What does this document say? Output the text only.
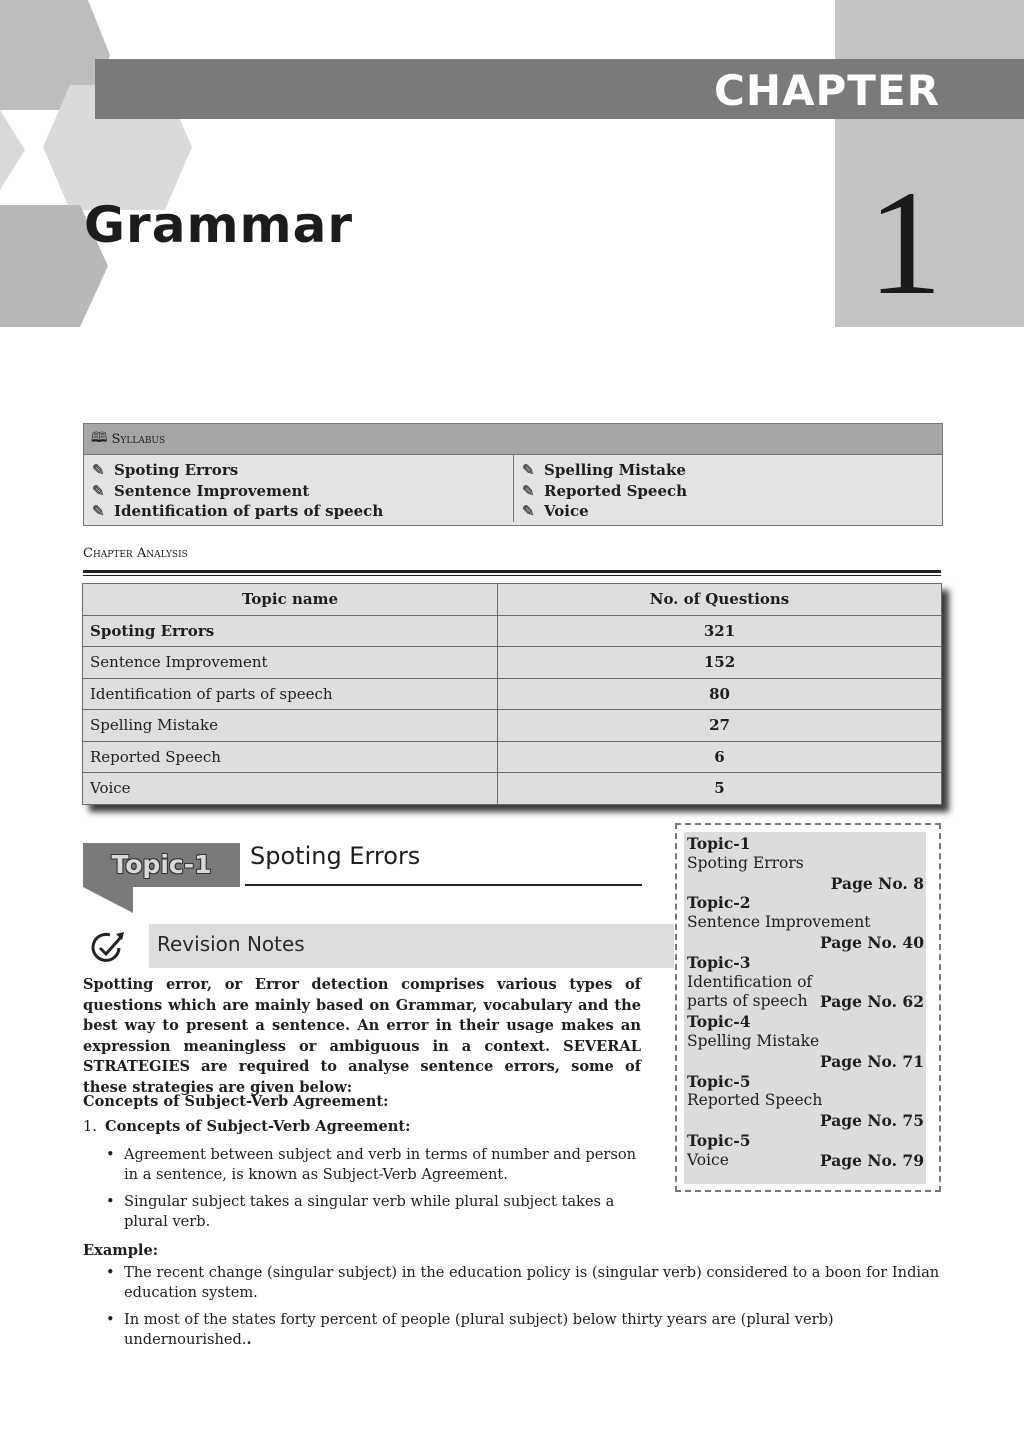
CHAPTER
1
Grammar
🕮 Syllabus
✎ Spoting Errors
✎ Sentence Improvement
✎ Identification of parts of speech
✎ Spelling Mistake
✎ Reported Speech
✎ Voice
Chapter Analysis
Topic name	No. of Questions
Spoting Errors	321
Sentence Improvement	152
Identification of parts of speech	80
Spelling Mistake	27
Reported Speech	6
Voice	5
Topic-1	Spoting Errors
Revision Notes
Spotting error, or Error detection comprises various types of questions which are mainly based on Grammar, vocabulary and the best way to present a sentence. An error in their usage makes an expression meaningless or ambiguous in a context. SEVERAL STRATEGIES are required to analyse sentence errors, some of these strategies are given below:
Concepts of Subject-Verb Agreement:
1. Concepts of Subject-Verb Agreement:
• Agreement between subject and verb in terms of number and person in a sentence, is known as Subject-Verb Agreement.
• Singular subject takes a singular verb while plural subject takes a plural verb.
Example:
• The recent change (singular subject) in the education policy is (singular verb) considered to a boon for Indian education system.
• In most of the states forty percent of people (plural subject) below thirty years are (plural verb) undernourished..
Topic-1
Spoting Errors
Page No. 8
Topic-2
Sentence Improvement
Page No. 40
Topic-3
Identification of
parts of speech Page No. 62
Topic-4
Spelling Mistake
Page No. 71
Topic-5
Reported Speech
Page No. 75
Topic-5
Voice	Page No. 79
